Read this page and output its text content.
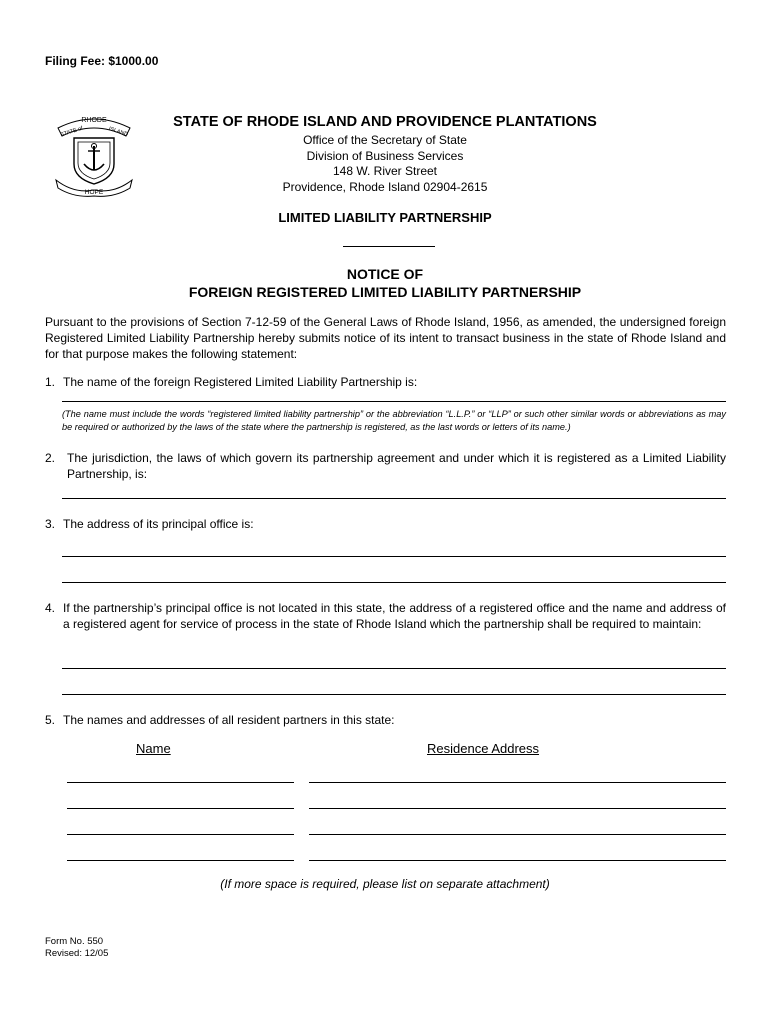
Filing Fee: $1000.00
RHODE
STATE of	ISLAND
HOPE
STATE OF RHODE ISLAND AND PROVIDENCE PLANTATIONS
Office of the Secretary of State
Division of Business Services
148 W. River Street
Providence, Rhode Island 02904-2615
LIMITED LIABILITY PARTNERSHIP
NOTICE OF
FOREIGN REGISTERED LIMITED LIABILITY PARTNERSHIP
Pursuant to the provisions of Section 7-12-59 of the General Laws of Rhode Island, 1956, as amended, the undersigned foreign Registered Limited Liability Partnership hereby submits notice of its intent to transact business in the state of Rhode Island and for that purpose makes the following statement:
1. The name of the foreign Registered Limited Liability Partnership is:
(The name must include the words “registered limited liability partnership” or the abbreviation “L.L.P.” or “LLP” or such other similar words or abbreviations as may be required or authorized by the laws of the state where the partnership is registered, as the last words or letters of its name.)
2. The jurisdiction, the laws of which govern its partnership agreement and under which it is registered as a Limited Liability Partnership, is:
3. The address of its principal office is:
4. If the partnership’s principal office is not located in this state, the address of a registered office and the name and address of a registered agent for service of process in the state of Rhode Island which the partnership shall be required to maintain:
5. The names and addresses of all resident partners in this state:
Name	Residence Address
(If more space is required, please list on separate attachment)
Form No. 550
Revised: 12/05
